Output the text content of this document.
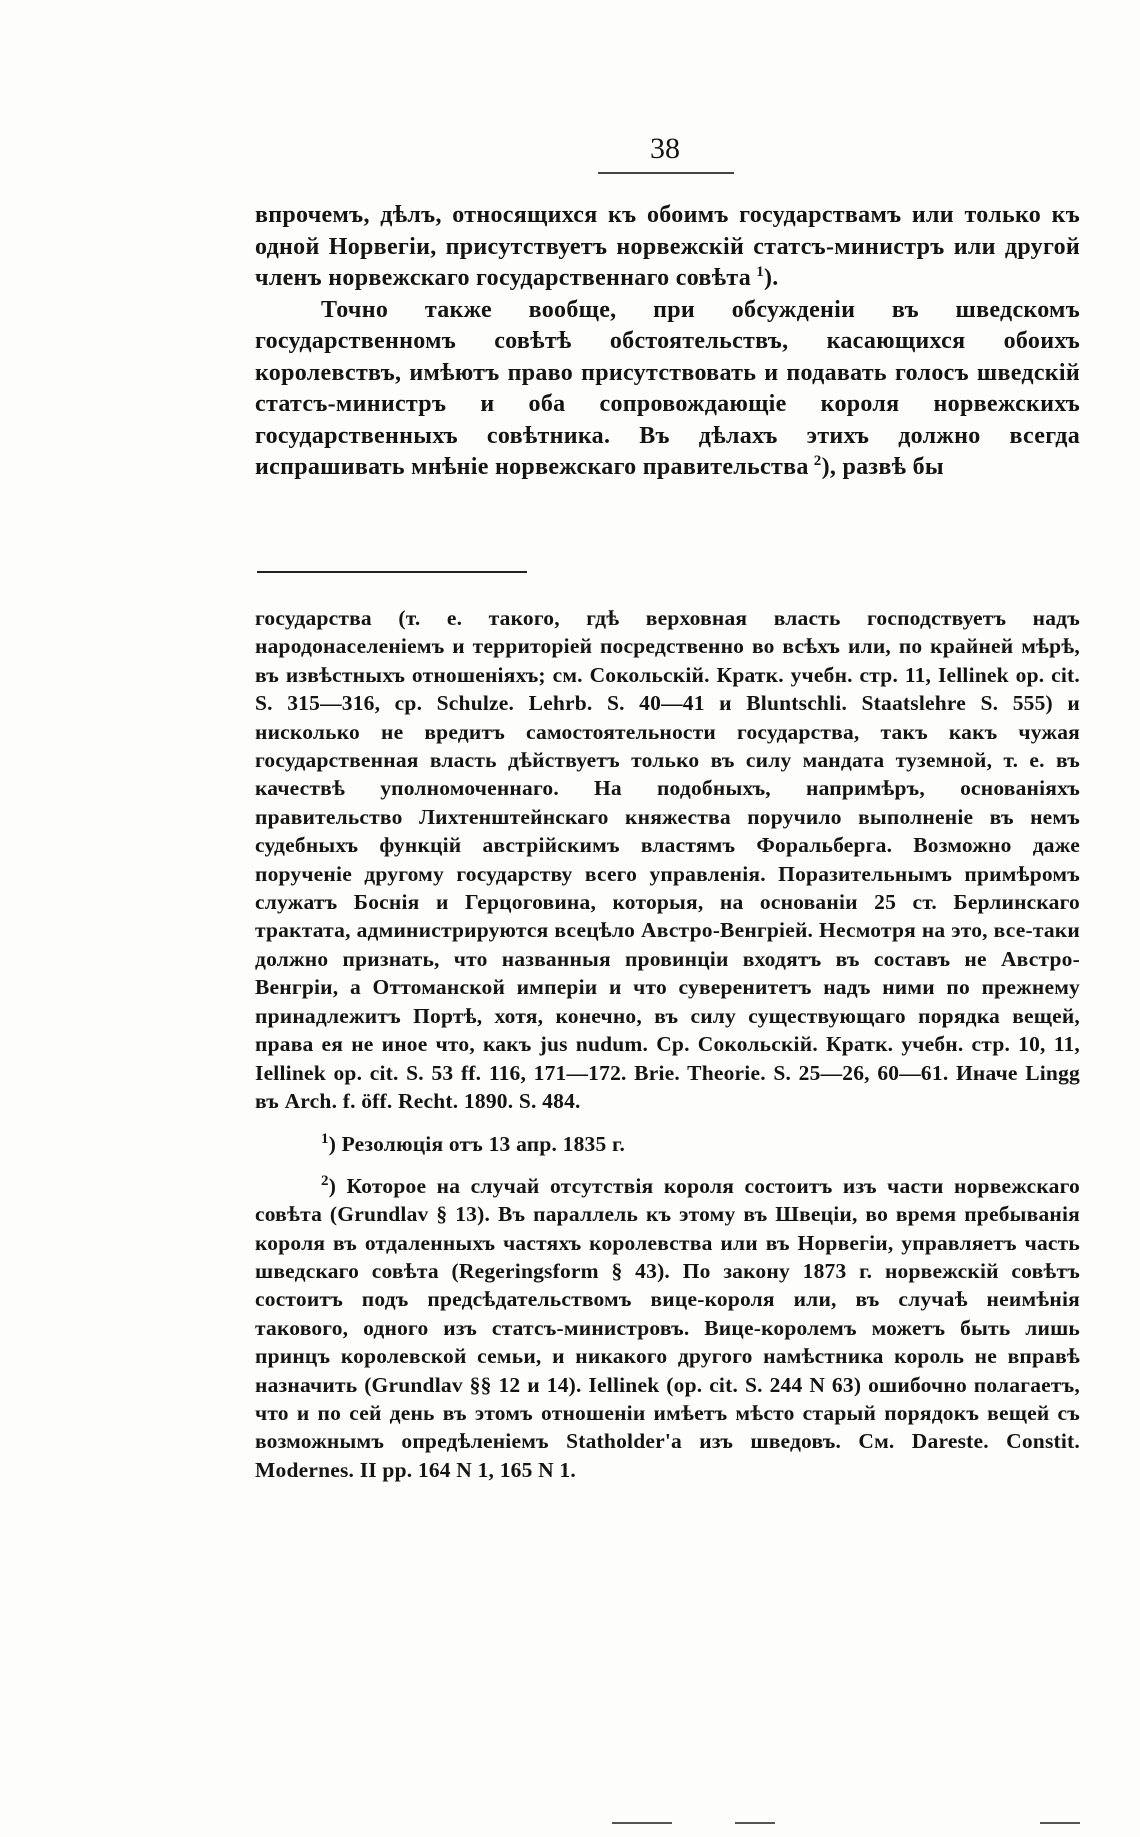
38

впрочемъ, дѣлъ, относящихся къ обоимъ государствамъ или только къ одной Норвегіи, присутствуетъ норвежскій статсъ-министръ или другой членъ норвежскаго государственнаго совѣта  $^1$).

Точно также вообще, при обсужденіи въ шведскомъ государственномъ совѣтѣ обстоятельствъ, касающихся обоихъ королевствъ, имѣютъ право присутствовать и подавать голосъ шведскій статсъ-министръ и оба сопровождающіе короля норвежскихъ государственныхъ совѣтника. Въ дѣлахъ этихъ должно всегда испрашивать мнѣніе норвежскаго правительства  $^2$), развѣ бы

государства (т. е. такого, гдѣ верховная власть господствуетъ надъ народонаселеніемъ и территоріей посредственно во всѣхъ или, по крайней мѣрѣ, въ извѣстныхъ отношеніяхъ; см. Сокольскій. Кратк. учебн. стр. 11, Iellinek op. cit. S. 315—316, ср. Schulze. Lehrb. S. 40—41 и Bluntschli. Staatslehre S. 555) и нисколько не вредитъ самостоятельности государства, такъ какъ чужая государственная власть дѣйствуетъ только въ силу мандата туземной, т. е. въ качествѣ уполномоченнаго. На подобныхъ, напримѣръ, основаніяхъ правительство Лихтенштейнскаго княжества поручило выполненіе въ немъ судебныхъ функцій австрійскимъ властямъ Форальберга. Возможно даже порученіе другому государству всего управленія. Поразительнымъ примѣромъ служатъ Боснія и Герцоговина, которыя, на основаніи 25 ст. Берлинскаго трактата, администрируются всецѣло Австро-Венгріей. Несмотря на это, все-таки должно признать, что названныя провинціи входятъ въ составъ не Австро-Венгріи, а Оттоманской имперіи и что суверенитетъ надъ ними по прежнему принадлежитъ Портѣ, хотя, конечно, въ силу существующаго порядка вещей, права ея не иное что, какъ jus nudum. Ср. Сокольскій. Кратк. учебн. стр. 10, 11, Iellinek op. cit. S. 53 ff. 116, 171—172. Brie. Theorie. S. 25—26, 60—61. Иначе Lingg въ Arch. f. öff. Recht. 1890. S. 484.

$^1$) Резолюція отъ 13 апр. 1835 г.

$^2$) Которое на случай отсутствія короля состоитъ изъ части норвежскаго совѣта (Grundlav § 13). Въ параллель къ этому въ Швеціи, во время пребыванія короля въ отдаленныхъ частяхъ королевства или въ Норвегіи, управляетъ часть шведскаго совѣта (Regeringsform § 43). По закону 1873 г. норвежскій совѣтъ состоитъ подъ предсѣдательствомъ вице-короля или, въ случаѣ неимѣнія такового, одного изъ статсъ-министровъ. Вице-королемъ можетъ быть лишь принцъ королевской семьи, и никакого другого намѣстника король не вправѣ назначить (Grundlav §§ 12 и 14). Iellinek (op. cit. S. 244 N 63) ошибочно полагаетъ, что и по сей день въ этомъ отношеніи имѣетъ мѣсто старый порядокъ вещей съ возможнымъ опредѣленіемъ Statholder'а изъ шведовъ. См. Dareste. Constit. Modernes. II pp. 164 N 1, 165 N 1.
